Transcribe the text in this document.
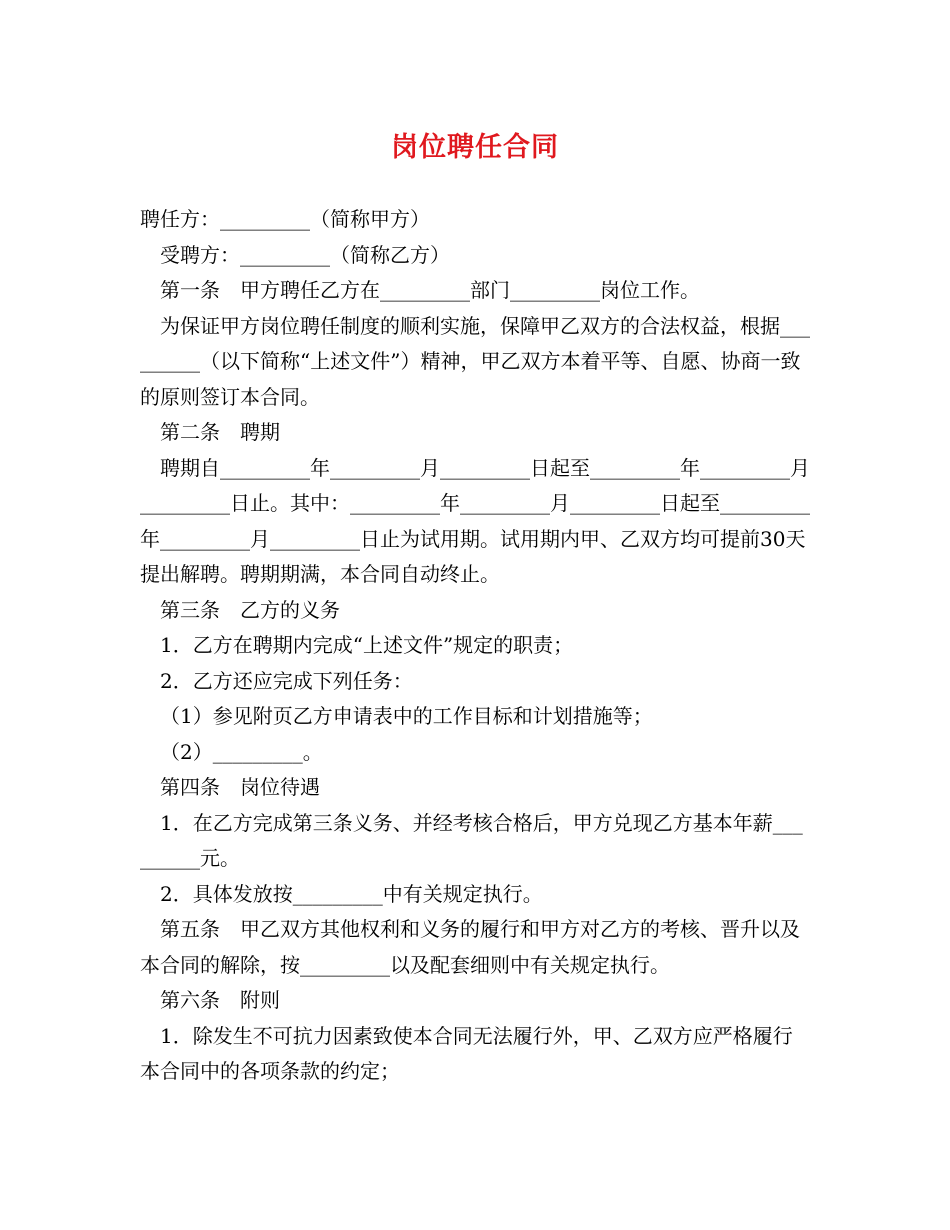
岗位聘任合同

聘任方：_________（简称甲方）

受聘方：_________（简称乙方）

第一条　甲方聘任乙方在_________部门_________岗位工作。

为保证甲方岗位聘任制度的顺利实施，保障甲乙双方的合法权益，根据_________（以下简称“上述文件”）精神，甲乙双方本着平等、自愿、协商一致的原则签订本合同。

第二条　聘期

聘期自_________年_________月_________日起至_________年_________月_________日止。其中：_________年_________月_________日起至_________年_________月_________日止为试用期。试用期内甲、乙双方均可提前30天提出解聘。聘期期满，本合同自动终止。

第三条　乙方的义务

1．乙方在聘期内完成“上述文件”规定的职责；

2．乙方还应完成下列任务：

（1）参见附页乙方申请表中的工作目标和计划措施等；

（2）_________。

第四条　岗位待遇

1．在乙方完成第三条义务、并经考核合格后，甲方兑现乙方基本年薪_________元。

2．具体发放按_________中有关规定执行。

第五条　甲乙双方其他权利和义务的履行和甲方对乙方的考核、晋升以及本合同的解除，按_________以及配套细则中有关规定执行。

第六条　附则

1．除发生不可抗力因素致使本合同无法履行外，甲、乙双方应严格履行本合同中的各项条款的约定；
